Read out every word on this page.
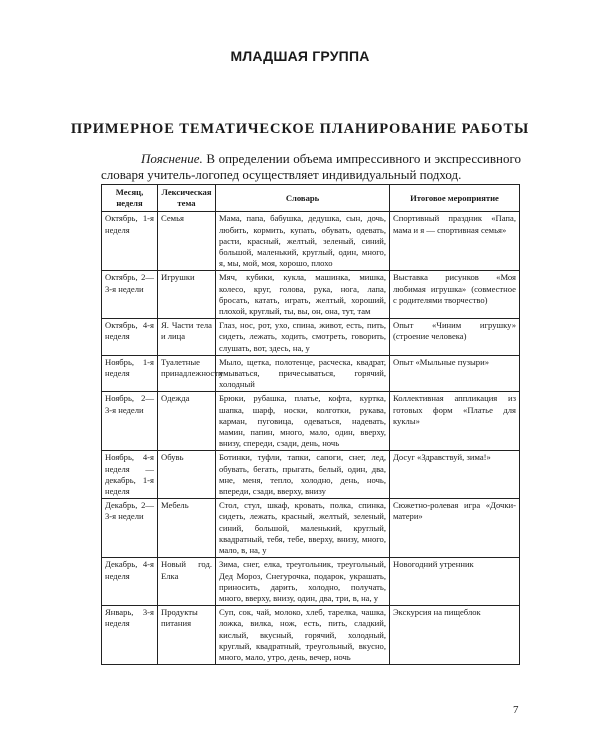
МЛАДШАЯ ГРУППА
ПРИМЕРНОЕ ТЕМАТИЧЕСКОЕ ПЛАНИРОВАНИЕ РАБОТЫ

Пояснение. В определении объема импрессивного и экспрессивного словаря учитель-логопед осуществляет индивидуальный подход.

Месяц, неделя	Лексическая тема	Словарь	Итоговое мероприятие
Октябрь, 1-я неделя	Семья	Мама, папа, бабушка, дедушка, сын, дочь, любить, кормить, купать, обувать, одевать, расти, красный, желтый, зеленый, синий, большой, маленький, круглый, один, много, я, мы, мой, моя, хорошо, плохо	Спортивный праздник «Папа, мама и я — спортивная семья»
Октябрь, 2—3-я недели	Игрушки	Мяч, кубики, кукла, машинка, мишка, колесо, круг, голова, рука, нога, лапа, бросать, катать, играть, желтый, хороший, плохой, круглый, ты, вы, он, она, тут, там	Выставка рисунков «Моя любимая игрушка» (совместное с родителями творчество)
Октябрь, 4-я неделя	Я. Части тела и лица	Глаз, нос, рот, ухо, спина, живот, есть, пить, сидеть, лежать, ходить, смотреть, говорить, слушать, вот, здесь, на, у	Опыт «Чиним игрушку» (строение человека)
Ноябрь, 1-я неделя	Туалетные принадлежности	Мыло, щетка, полотенце, расческа, квадрат, умываться, причесываться, горячий, холодный	Опыт «Мыльные пузыри»
Ноябрь, 2—3-я недели	Одежда	Брюки, рубашка, платье, кофта, куртка, шапка, шарф, носки, колготки, рукава, карман, пуговица, одеваться, надевать, мамин, папин, много, мало, один, вверху, внизу, спереди, сзади, день, ночь	Коллективная аппликация из готовых форм «Платье для куклы»
Ноябрь, 4-я неделя — декабрь, 1-я неделя	Обувь	Ботинки, туфли, тапки, сапоги, снег, лед, обувать, бегать, прыгать, белый, один, два, мне, меня, тепло, холодно, день, ночь, впереди, сзади, вверху, внизу	Досуг «Здравствуй, зима!»
Декабрь, 2—3-я недели	Мебель	Стол, стул, шкаф, кровать, полка, спинка, сидеть, лежать, красный, желтый, зеленый, синий, большой, маленький, круглый, квадратный, тебя, тебе, вверху, внизу, много, мало, в, на, у	Сюжетно-ролевая игра «Дочки-матери»
Декабрь, 4-я неделя	Новый год. Елка	Зима, снег, елка, треугольник, треугольный, Дед Мороз, Снегурочка, подарок, украшать, приносить, дарить, холодно, получать, много, вверху, внизу, один, два, три, в, на, у	Новогодний утренник
Январь, 3-я неделя	Продукты питания	Суп, сок, чай, молоко, хлеб, тарелка, чашка, ложка, вилка, нож, есть, пить, сладкий, кислый, вкусный, горячий, холодный, круглый, квадратный, треугольный, вкусно, много, мало, утро, день, вечер, ночь	Экскурсия на пищеблок
7
